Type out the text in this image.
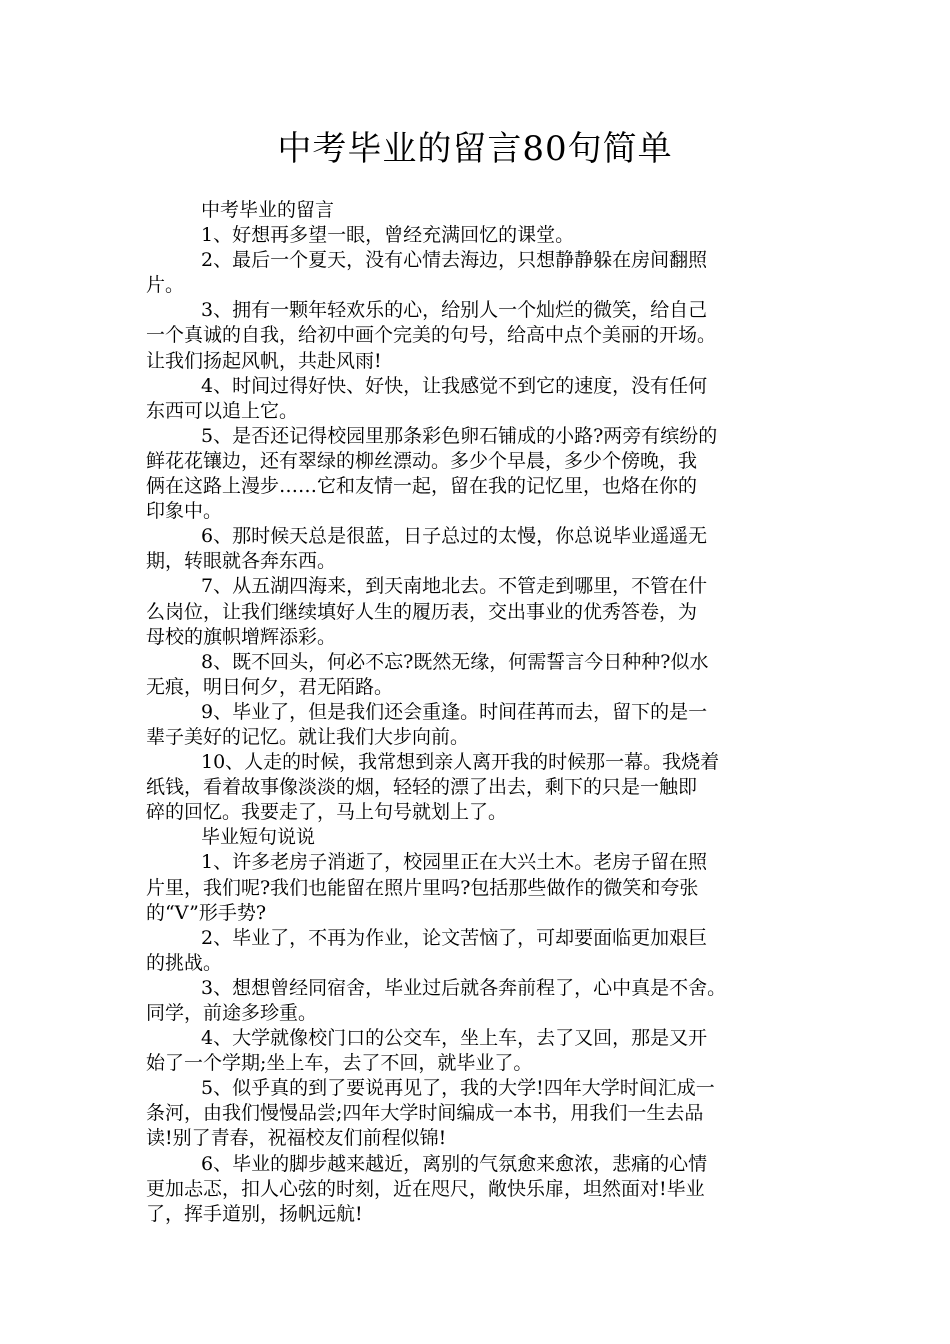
中考毕业的留言80句简单
中考毕业的留言
1、好想再多望一眼，曾经充满回忆的课堂。
2、最后一个夏天，没有心情去海边，只想静静躲在房间翻照
片。
3、拥有一颗年轻欢乐的心，给别人一个灿烂的微笑，给自己
一个真诚的自我，给初中画个完美的句号，给高中点个美丽的开场。
让我们扬起风帆，共赴风雨!
4、时间过得好快、好快，让我感觉不到它的速度，没有任何
东西可以追上它。
5、是否还记得校园里那条彩色卵石铺成的小路?两旁有缤纷的
鲜花花镶边，还有翠绿的柳丝漂动。多少个早晨，多少个傍晚，我
俩在这路上漫步……它和友情一起，留在我的记忆里，也烙在你的
印象中。
6、那时候天总是很蓝，日子总过的太慢，你总说毕业遥遥无
期，转眼就各奔东西。
7、从五湖四海来，到天南地北去。不管走到哪里，不管在什
么岗位，让我们继续填好人生的履历表，交出事业的优秀答卷，为
母校的旗帜增辉添彩。
8、既不回头，何必不忘?既然无缘，何需誓言今日种种?似水
无痕，明日何夕，君无陌路。
9、毕业了，但是我们还会重逢。时间荏苒而去，留下的是一
辈子美好的记忆。就让我们大步向前。
10、人走的时候，我常想到亲人离开我的时候那一幕。我烧着
纸钱，看着故事像淡淡的烟，轻轻的漂了出去，剩下的只是一触即
碎的回忆。我要走了，马上句号就划上了。
毕业短句说说
1、许多老房子消逝了，校园里正在大兴土木。老房子留在照
片里，我们呢?我们也能留在照片里吗?包括那些做作的微笑和夸张
的“V”形手势?
2、毕业了，不再为作业，论文苦恼了，可却要面临更加艰巨
的挑战。
3、想想曾经同宿舍，毕业过后就各奔前程了，心中真是不舍。
同学，前途多珍重。
4、大学就像校门口的公交车，坐上车，去了又回，那是又开
始了一个学期;坐上车，去了不回，就毕业了。
5、似乎真的到了要说再见了，我的大学!四年大学时间汇成一
条河，由我们慢慢品尝;四年大学时间编成一本书，用我们一生去品
读!别了青春，祝福校友们前程似锦!
6、毕业的脚步越来越近，离别的气氛愈来愈浓，悲痛的心情
更加忐忑，扣人心弦的时刻，近在咫尺，敞快乐扉，坦然面对!毕业
了，挥手道别，扬帆远航!
